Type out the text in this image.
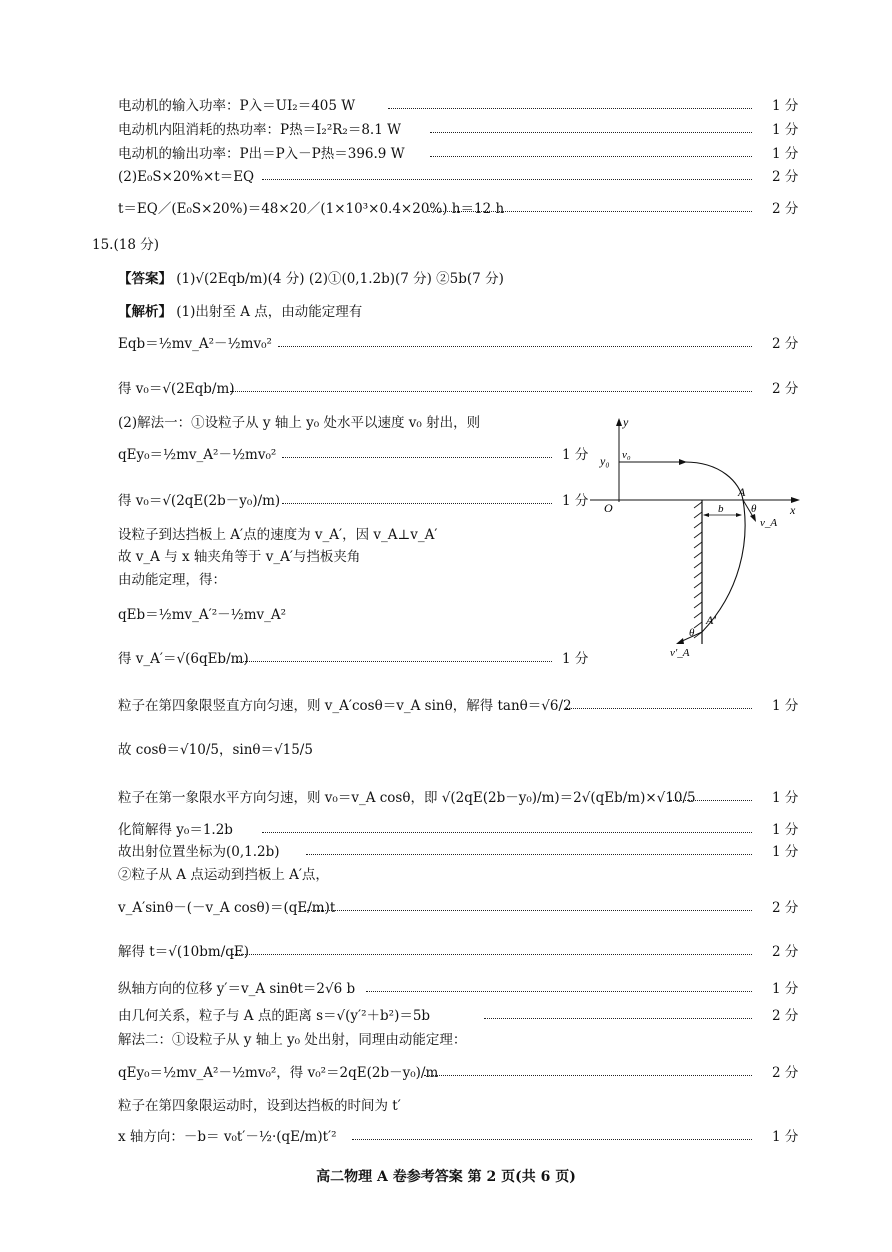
电动机的输入功率：P入＝UI₂＝405 W	1 分
电动机内阻消耗的热功率：P热＝I₂²R₂＝8.1 W	1 分
电动机的输出功率：P出＝P入－P热＝396.9 W	1 分
(2)E₀S×20%×t＝EQ	2 分
t＝EQ／(E₀S×20%)＝48×20／(1×10³×0.4×20%) h＝12 h	2 分
15.(18 分)
【答案】 (1)√(2Eqb/m)(4 分) (2)①(0,1.2b)(7 分) ②5b(7 分)
【解析】 (1)出射至 A 点，由动能定理有
Eqb＝½mv_A²－½mv₀²	2 分
得 v₀＝√(2Eqb/m)	2 分
(2)解法一：①设粒子从 y 轴上 y₀ 处水平以速度 v₀ 射出，则
qEy₀＝½mv_A²－½mv₀²	1 分
得 v₀＝√(2qE(2b－y₀)/m)	1 分
设粒子到达挡板上 A′点的速度为 v_A′，因 v_A⊥v_A′
故 v_A 与 x 轴夹角等于 v_A′与挡板夹角
由动能定理，得：
qEb＝½mv_A′²－½mv_A²
得 v_A′＝√(6qEb/m)	1 分
粒子在第四象限竖直方向匀速，则 v_A′cosθ＝v_A sinθ，解得 tanθ＝√6/2	1 分
故 cosθ＝√10/5，sinθ＝√15/5
粒子在第一象限水平方向匀速，则 v₀＝v_A cosθ，即 √(2qE(2b－y₀)/m)＝2√(qEb/m)×√10/5	1 分
化简解得 y₀＝1.2b	1 分
故出射位置坐标为(0,1.2b)	1 分
②粒子从 A 点运动到挡板上 A′点，
v_A′sinθ－(－v_A cosθ)＝(qE/m)t	2 分
解得 t＝√(10bm/qE)	2 分
纵轴方向的位移 y′＝v_A sinθt＝2√6 b	1 分
由几何关系，粒子与 A 点的距离 s＝√(y′²＋b²)＝5b	2 分
解法二：①设粒子从 y 轴上 y₀ 处出射，同理由动能定理：
qEy₀＝½mv_A²－½mv₀²，得 v₀²＝2qE(2b－y₀)/m	2 分
粒子在第四象限运动时，设到达挡板的时间为 t′
x 轴方向：－b＝ v₀t′－½·(qE/m)t′²	1 分
y
x
O
y₀ v₀
A
θ
v_A
b
A′
θ
v′_A
高二物理 A 卷参考答案 第 2 页(共 6 页)
